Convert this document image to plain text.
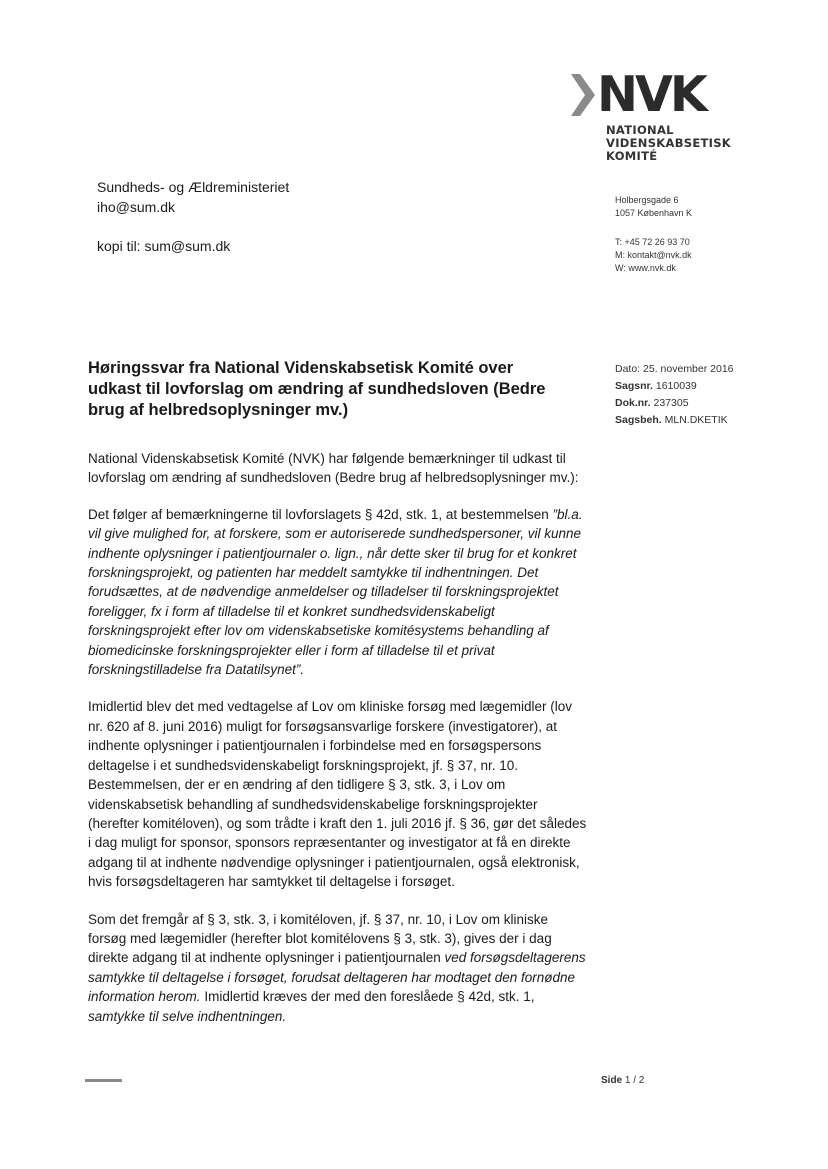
NVK
NATIONAL
VIDENSKABSETISK
KOMITÉ
Sundheds- og Ældreministeriet
iho@sum.dk
kopi til: sum@sum.dk
Holbergsgade 6
1057 København K
T: +45 72 26 93 70
M: kontakt@nvk.dk
W: www.nvk.dk
Høringssvar fra National Videnskabsetisk Komité over udkast til lovforslag om ændring af sundhedsloven (Bedre brug af helbredsoplysninger mv.)
Dato: 25. november 2016
Sagsnr. 1610039
Dok.nr. 237305
Sagsbeh. MLN.DKETIK

National Videnskabsetisk Komité (NVK) har følgende bemærkninger til udkast til lovforslag om ændring af sundhedsloven (Bedre brug af helbredsoplysninger mv.):

Det følger af bemærkningerne til lovforslagets § 42d, stk. 1, at bestemmelsen ”bl.a. vil give mulighed for, at forskere, som er autoriserede sundhedspersoner, vil kunne indhente oplysninger i patientjournaler o. lign., når dette sker til brug for et konkret forskningsprojekt, og patienten har meddelt samtykke til indhentningen. Det forudsættes, at de nødvendige anmeldelser og tilladelser til forskningsprojektet foreligger, fx i form af tilladelse til et konkret sundhedsvidenskabeligt forskningsprojekt efter lov om videnskabsetiske komitésystems behandling af biomedicinske forskningsprojekter eller i form af tilladelse til et privat forskningstilladelse fra Datatilsynet”.

Imidlertid blev det med vedtagelse af Lov om kliniske forsøg med lægemidler (lov nr. 620 af 8. juni 2016) muligt for forsøgsansvarlige forskere (investigatorer), at indhente oplysninger i patientjournalen i forbindelse med en forsøgspersons deltagelse i et sundhedsvidenskabeligt forskningsprojekt, jf. § 37, nr. 10. Bestemmelsen, der er en ændring af den tidligere § 3, stk. 3, i Lov om videnskabsetisk behandling af sundhedsvidenskabelige forskningsprojekter (herefter komitéloven), og som trådte i kraft den 1. juli 2016 jf. § 36, gør det således i dag muligt for sponsor, sponsors repræsentanter og investigator at få en direkte adgang til at indhente nødvendige oplysninger i patientjournalen, også elektronisk, hvis forsøgsdeltageren har samtykket til deltagelse i forsøget.

Som det fremgår af § 3, stk. 3, i komitéloven, jf. § 37, nr. 10, i Lov om kliniske forsøg med lægemidler (herefter blot komitélovens § 3, stk. 3), gives der i dag direkte adgang til at indhente oplysninger i patientjournalen ved forsøgsdeltagerens samtykke til deltagelse i forsøget, forudsat deltageren har modtaget den fornødne information herom. Imidlertid kræves der med den foreslåede § 42d, stk. 1, samtykke til selve indhentningen.

Side 1 / 2
